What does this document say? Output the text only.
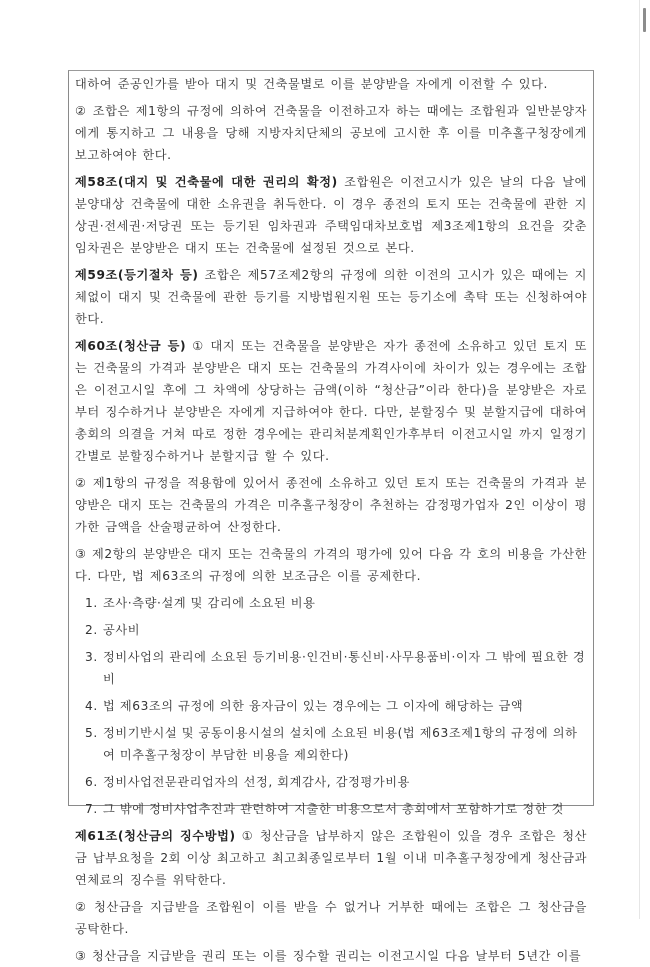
대하여 준공인가를 받아 대지 및 건축물별로 이를 분양받을 자에게 이전할 수 있다.

② 조합은 제1항의 규정에 의하여 건축물을 이전하고자 하는 때에는 조합원과 일반분양자에게 통지하고 그 내용을 당해 지방자치단체의 공보에 고시한 후 이를 미추홀구청장에게 보고하여야 한다.

제58조(대지 및 건축물에 대한 권리의 확정) 조합원은 이전고시가 있은 날의 다음 날에 분양대상 건축물에 대한 소유권을 취득한다. 이 경우 종전의 토지 또는 건축물에 관한 지상권·전세권·저당권 또는 등기된 임차권과 주택임대차보호법 제3조제1항의 요건을 갖춘 임차권은 분양받은 대지 또는 건축물에 설정된 것으로 본다.

제59조(등기절차 등) 조합은 제57조제2항의 규정에 의한 이전의 고시가 있은 때에는 지체없이 대지 및 건축물에 관한 등기를 지방법원지원 또는 등기소에 촉탁 또는 신청하여야 한다.

제60조(청산금 등) ① 대지 또는 건축물을 분양받은 자가 종전에 소유하고 있던 토지 또는 건축물의 가격과 분양받은 대지 또는 건축물의 가격사이에 차이가 있는 경우에는 조합은 이전고시일 후에 그 차액에 상당하는 금액(이하 “청산금”이라 한다)을 분양받은 자로부터 징수하거나 분양받은 자에게 지급하여야 한다. 다만, 분할징수 및 분할지급에 대하여 총회의 의결을 거쳐 따로 정한 경우에는 관리처분계획인가후부터 이전고시일 까지 일정기간별로 분할징수하거나 분할지급 할 수 있다.

② 제1항의 규정을 적용함에 있어서 종전에 소유하고 있던 토지 또는 건축물의 가격과 분양받은 대지 또는 건축물의 가격은 미추홀구청장이 추천하는 감정평가업자 2인 이상이 평가한 금액을 산술평균하여 산정한다.

③ 제2항의 분양받은 대지 또는 건축물의 가격의 평가에 있어 다음 각 호의 비용을 가산한다. 다만, 법 제63조의 규정에 의한 보조금은 이를 공제한다.

1. 조사·측량·설계 및 감리에 소요된 비용
2. 공사비
3. 정비사업의 관리에 소요된 등기비용·인건비·통신비·사무용품비·이자 그 밖에 필요한 경비
4. 법 제63조의 규정에 의한 융자금이 있는 경우에는 그 이자에 해당하는 금액
5. 정비기반시설 및 공동이용시설의 설치에 소요된 비용(법 제63조제1항의 규정에 의하여 미추홀구청장이 부담한 비용을 제외한다)
6. 정비사업전문관리업자의 선정, 회계감사, 감정평가비용
7. 그 밖에 정비사업추진과 관련하여 지출한 비용으로서 총회에서 포함하기로 정한 것

제61조(청산금의 징수방법) ① 청산금을 납부하지 않은 조합원이 있을 경우 조합은 청산금 납부요청을 2회 이상 최고하고 최고최종일로부터 1월 이내 미추홀구청장에게 청산금과 연체료의 징수를 위탁한다.

② 청산금을 지급받을 조합원이 이를 받을 수 없거나 거부한 때에는 조합은 그 청산금을 공탁한다.

③ 청산금을 지급받을 권리 또는 이를 징수할 권리는 이전고시일 다음 날부터 5년간 이를
